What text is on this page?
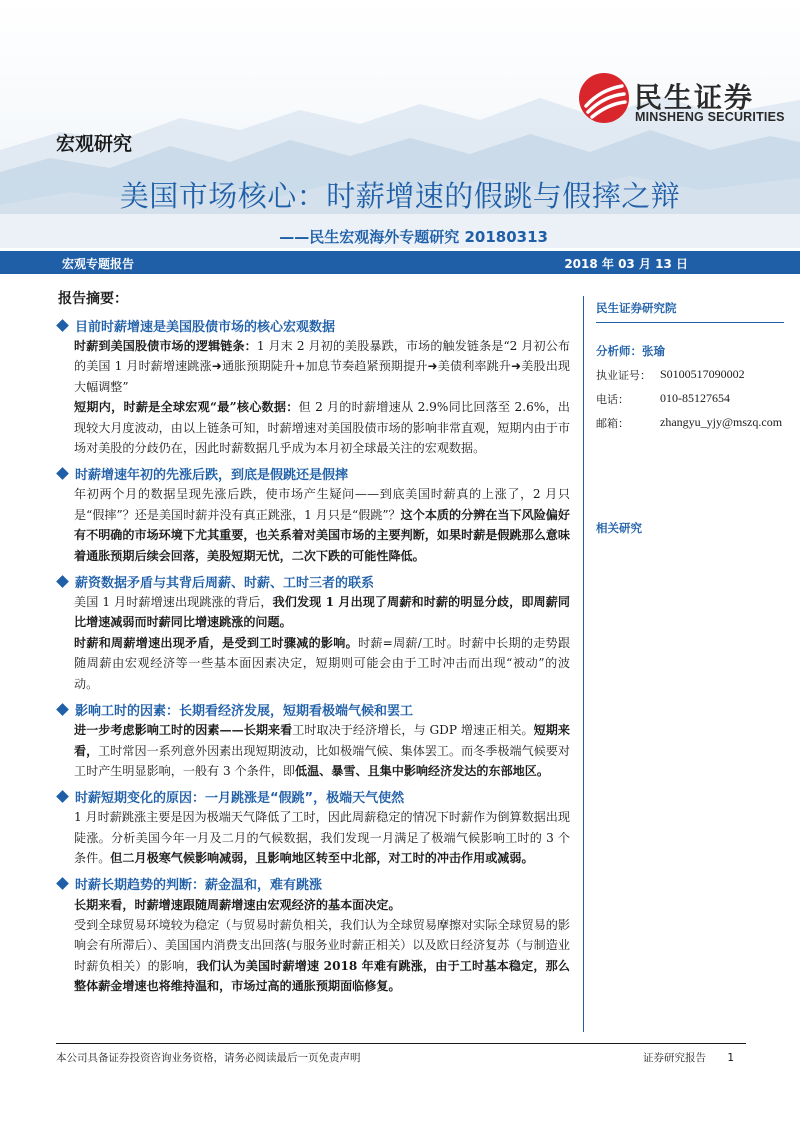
民生证券
MINSHENG SECURITIES
宏观研究
美国市场核心：时薪增速的假跳与假摔之辩
——民生宏观海外专题研究 20180313
宏观专题报告	2018 年 03 月 13 日
报告摘要：
目前时薪增速是美国股债市场的核心宏观数据
时薪到美国股债市场的逻辑链条：1 月末 2 月初的美股暴跌，市场的触发链条是“2 月初公布的美国 1 月时薪增速跳涨➜通胀预期陡升+加息节奏趋紧预期提升➜美债利率跳升➜美股出现大幅调整”
短期内，时薪是全球宏观“最”核心数据：但 2 月的时薪增速从 2.9%同比回落至 2.6%，出现较大月度波动，由以上链条可知，时薪增速对美国股债市场的影响非常直观，短期内由于市场对美股的分歧仍在，因此时薪数据几乎成为本月初全球最关注的宏观数据。
时薪增速年初的先涨后跌，到底是假跳还是假摔
年初两个月的数据呈现先涨后跌，使市场产生疑问——到底美国时薪真的上涨了，2 月只是“假摔”？还是美国时薪并没有真正跳涨，1 月只是“假跳”？这个本质的分辨在当下风险偏好有不明确的市场环境下尤其重要，也关系着对美国市场的主要判断，如果时薪是假跳那么意味着通胀预期后续会回落，美股短期无忧，二次下跌的可能性降低。
薪资数据矛盾与其背后周薪、时薪、工时三者的联系
美国 1 月时薪增速出现跳涨的背后，我们发现 1 月出现了周薪和时薪的明显分歧，即周薪同比增速减弱而时薪同比增速跳涨的问题。
时薪和周薪增速出现矛盾，是受到工时骤减的影响。时薪=周薪/工时。时薪中长期的走势跟随周薪由宏观经济等一些基本面因素决定，短期则可能会由于工时冲击而出现“被动”的波动。
影响工时的因素：长期看经济发展，短期看极端气候和罢工
进一步考虑影响工时的因素——长期来看工时取决于经济增长，与 GDP 增速正相关。短期来看，工时常因一系列意外因素出现短期波动，比如极端气候、集体罢工。而冬季极端气候要对工时产生明显影响，一般有 3 个条件，即低温、暴雪、且集中影响经济发达的东部地区。
时薪短期变化的原因：一月跳涨是“假跳”，极端天气使然
1 月时薪跳涨主要是因为极端天气降低了工时，因此周薪稳定的情况下时薪作为倒算数据出现陡涨。分析美国今年一月及二月的气候数据，我们发现一月满足了极端气候影响工时的 3 个条件。但二月极寒气候影响减弱，且影响地区转至中北部，对工时的冲击作用或减弱。
时薪长期趋势的判断：薪金温和，难有跳涨
长期来看，时薪增速跟随周薪增速由宏观经济的基本面决定。
受到全球贸易环境较为稳定（与贸易时薪负相关，我们认为全球贸易摩擦对实际全球贸易的影响会有所滞后）、美国国内消费支出回落(与服务业时薪正相关）以及欧日经济复苏（与制造业时薪负相关）的影响，我们认为美国时薪增速 2018 年难有跳涨，由于工时基本稳定，那么整体薪金增速也将维持温和，市场过高的通胀预期面临修复。
民生证券研究院
分析师：张瑜
执业证号： S0100517090002
电话：	010-85127654
邮箱：	zhangyu_yjy@mszq.com
相关研究
本公司具备证券投资咨询业务资格，请务必阅读最后一页免责声明	证券研究报告 1
